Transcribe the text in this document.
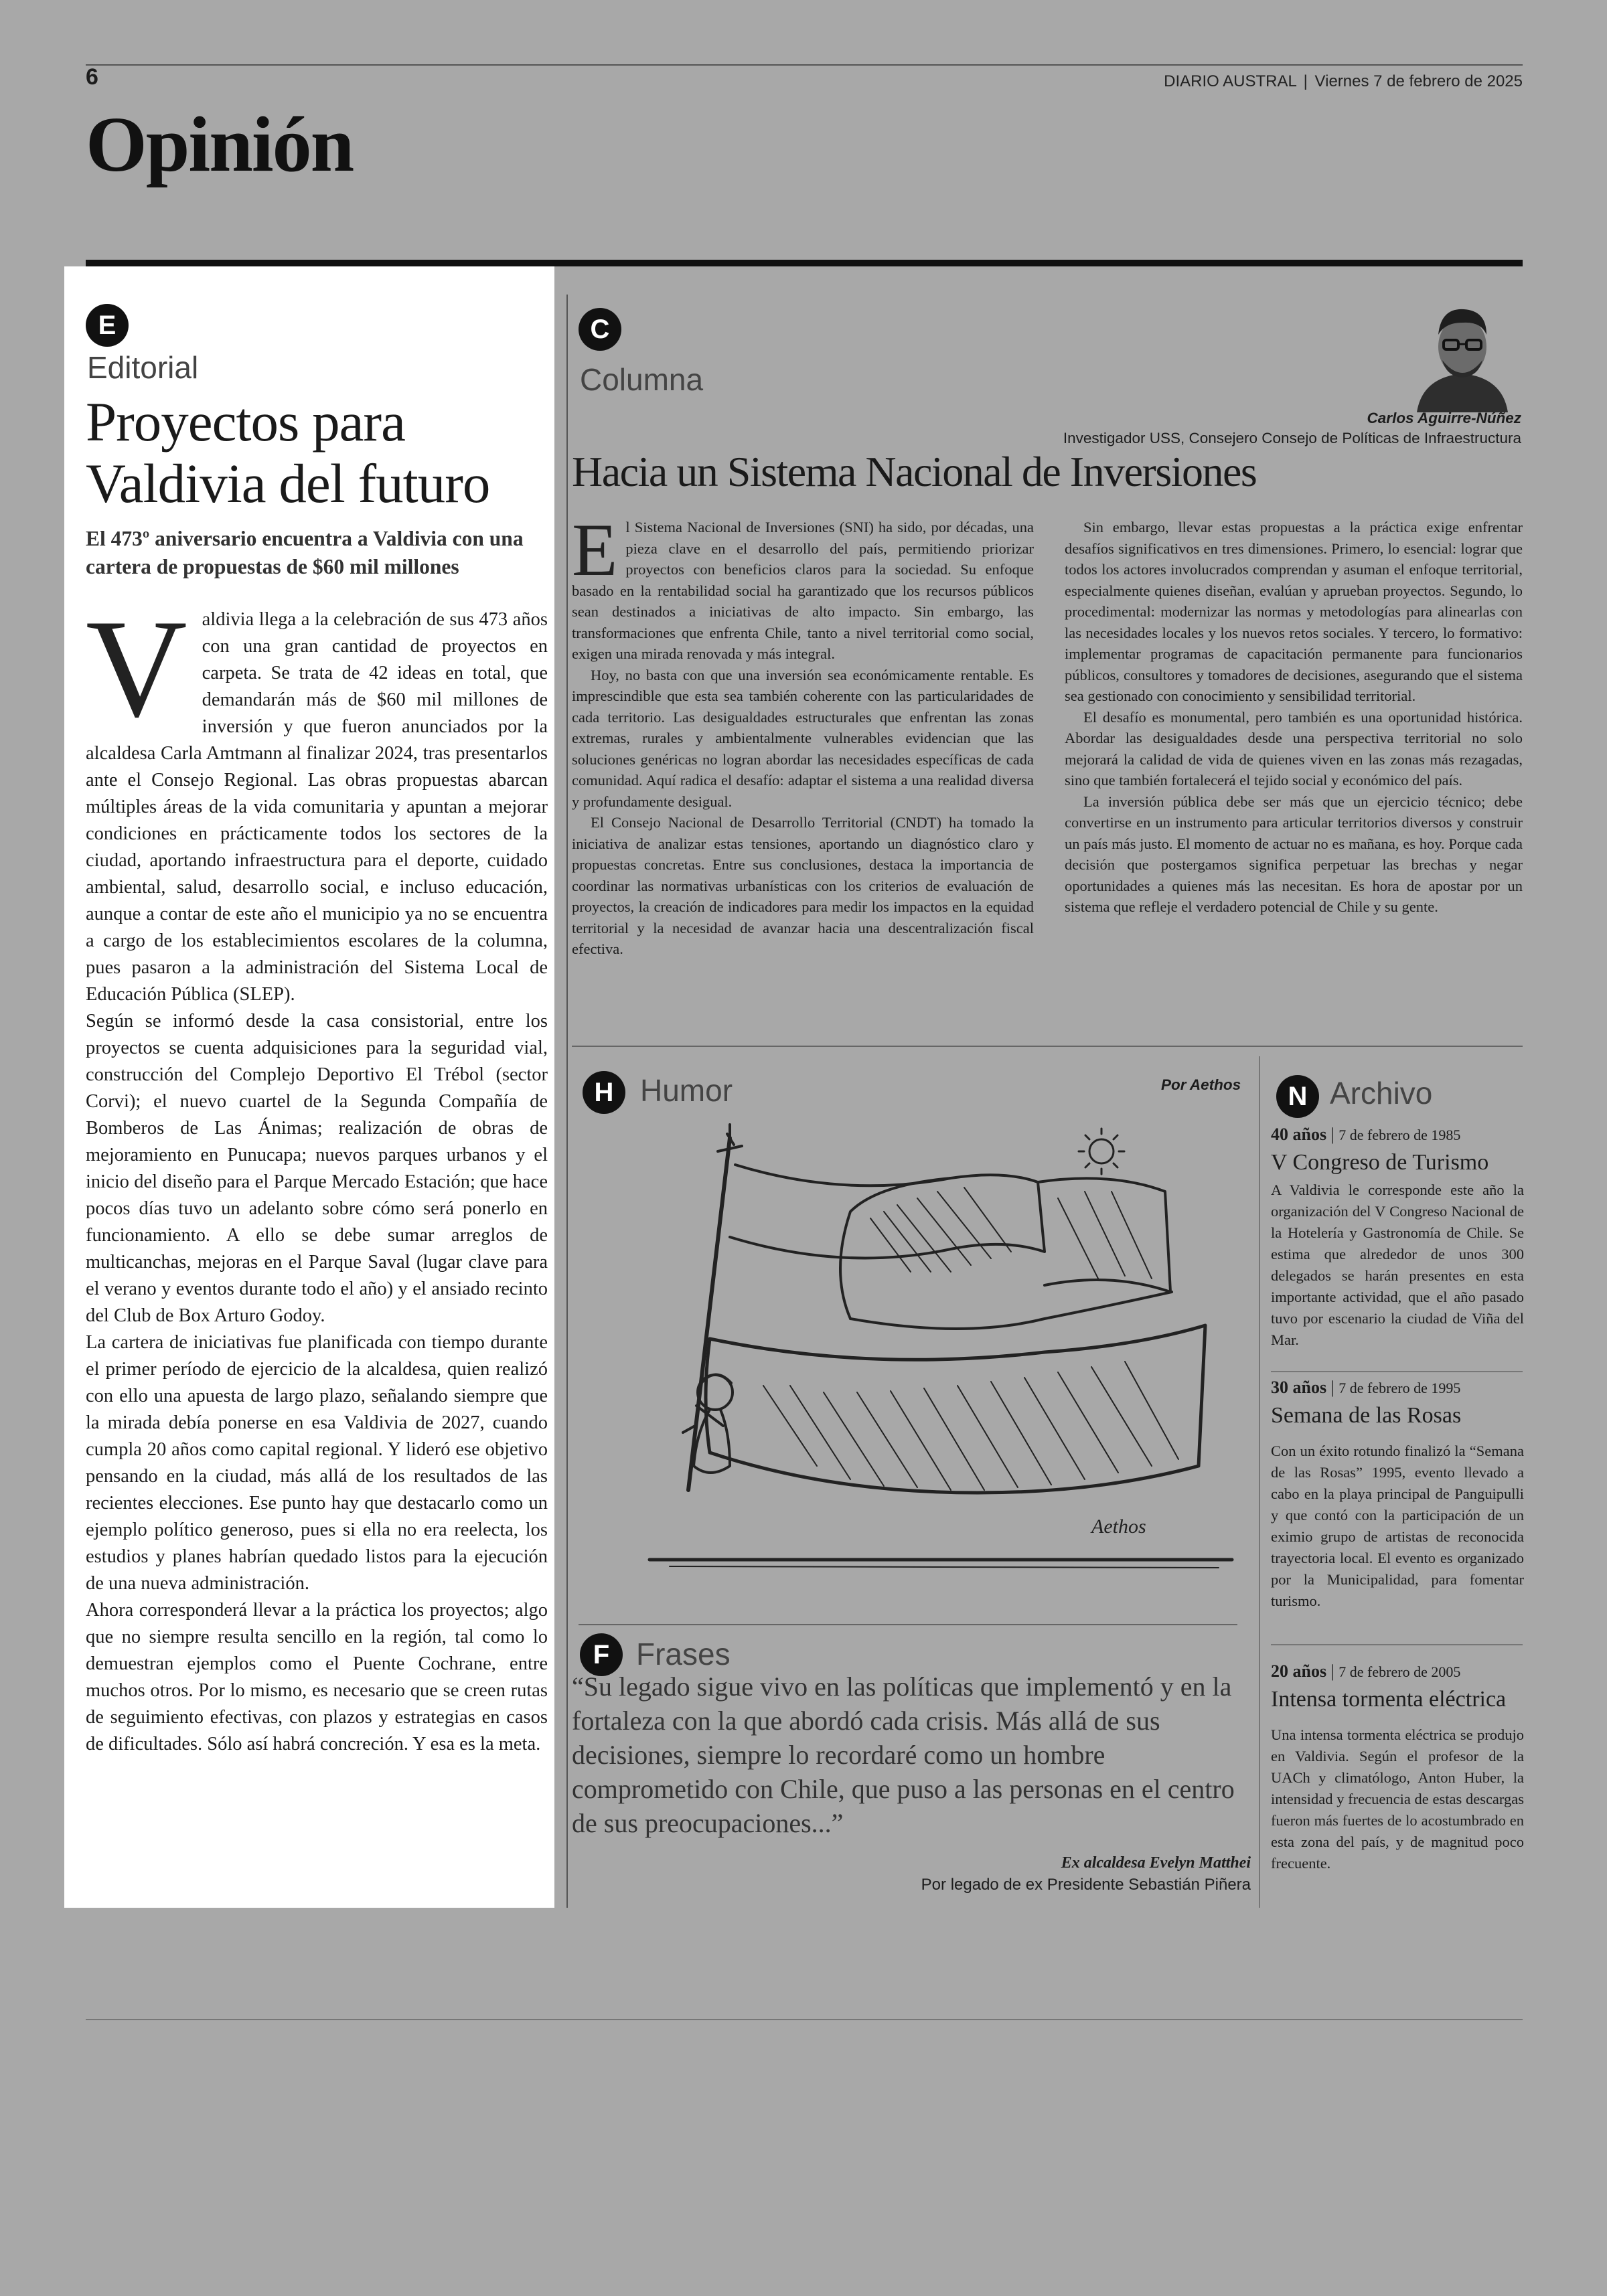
6	DIARIO AUSTRAL | Viernes 7 de febrero de 2025
Opinión
E
Editorial
Proyectos para
Valdivia del futuro
El 473º aniversario encuentra a Valdivia con una cartera de propuestas de $60 mil millones
V aldivia llega a la celebración de sus 473 años con una gran cantidad de proyectos en carpeta. Se trata de 42 ideas en total, que demandarán más de $60 mil millones de inversión y que fueron anunciados por la alcaldesa Carla Amtmann al finalizar 2024, tras presentarlos ante el Consejo Regional. Las obras propuestas abarcan múltiples áreas de la vida comunitaria y apuntan a mejorar condiciones en prácticamente todos los sectores de la ciudad, aportando infraestructura para el deporte, cuidado ambiental, salud, desarrollo social, e incluso educación, aunque a contar de este año el municipio ya no se encuentra a cargo de los establecimientos escolares de la columna, pues pasaron a la administración del Sistema Local de Educación Pública (SLEP).

Según se informó desde la casa consistorial, entre los proyectos se cuenta adquisiciones para la seguridad vial, construcción del Complejo Deportivo El Trébol (sector Corvi); el nuevo cuartel de la Segunda Compañía de Bomberos de Las Ánimas; realización de obras de mejoramiento en Punucapa; nuevos parques urbanos y el inicio del diseño para el Parque Mercado Estación; que hace pocos días tuvo un adelanto sobre cómo será ponerlo en funcionamiento. A ello se debe sumar arreglos de multicanchas, mejoras en el Parque Saval (lugar clave para el verano y eventos durante todo el año) y el ansiado recinto del Club de Box Arturo Godoy.

La cartera de iniciativas fue planificada con tiempo durante el primer período de ejercicio de la alcaldesa, quien realizó con ello una apuesta de largo plazo, señalando siempre que la mirada debía ponerse en esa Valdivia de 2027, cuando cumpla 20 años como capital regional. Y lideró ese objetivo pensando en la ciudad, más allá de los resultados de las recientes elecciones. Ese punto hay que destacarlo como un ejemplo político generoso, pues si ella no era reelecta, los estudios y planes habrían quedado listos para la ejecución de una nueva administración.

Ahora corresponderá llevar a la práctica los proyectos; algo que no siempre resulta sencillo en la región, tal como lo demuestran ejemplos como el Puente Cochrane, entre muchos otros. Por lo mismo, es necesario que se creen rutas de seguimiento efectivas, con plazos y estrategias en casos de dificultades. Sólo así habrá concreción. Y esa es la meta.

C
Columna
Carlos Aguirre-Núñez
Investigador USS, Consejero Consejo de Políticas de Infraestructura
Hacia un Sistema Nacional de Inversiones
E l Sistema Nacional de Inversiones (SNI) ha sido, por décadas, una pieza clave en el desarrollo del país, permitiendo priorizar proyectos con beneficios claros para la sociedad. Su enfoque basado en la rentabilidad social ha garantizado que los recursos públicos sean destinados a iniciativas de alto impacto. Sin embargo, las transformaciones que enfrenta Chile, tanto a nivel territorial como social, exigen una mirada renovada y más integral.

Hoy, no basta con que una inversión sea económicamente rentable. Es imprescindible que esta sea también coherente con las particularidades de cada territorio. Las desigualdades estructurales que enfrentan las zonas extremas, rurales y ambientalmente vulnerables evidencian que las soluciones genéricas no logran abordar las necesidades específicas de cada comunidad. Aquí radica el desafío: adaptar el sistema a una realidad diversa y profundamente desigual.

El Consejo Nacional de Desarrollo Territorial (CNDT) ha tomado la iniciativa de analizar estas tensiones, aportando un diagnóstico claro y propuestas concretas. Entre sus conclusiones, destaca la importancia de coordinar las normativas urbanísticas con los criterios de evaluación de proyectos, la creación de indicadores para medir los impactos en la equidad territorial y la necesidad de avanzar hacia una descentralización fiscal efectiva.

Sin embargo, llevar estas propuestas a la práctica exige enfrentar desafíos significativos en tres dimensiones. Primero, lo esencial: lograr que todos los actores involucrados comprendan y asuman el enfoque territorial, especialmente quienes diseñan, evalúan y aprueban proyectos. Segundo, lo procedimental: modernizar las normas y metodologías para alinearlas con las necesidades locales y los nuevos retos sociales. Y tercero, lo formativo: implementar programas de capacitación permanente para funcionarios públicos, consultores y tomadores de decisiones, asegurando que el sistema sea gestionado con conocimiento y sensibilidad territorial.

El desafío es monumental, pero también es una oportunidad histórica. Abordar las desigualdades desde una perspectiva territorial no solo mejorará la calidad de vida de quienes viven en las zonas más rezagadas, sino que también fortalecerá el tejido social y económico del país.

La inversión pública debe ser más que un ejercicio técnico; debe convertirse en un instrumento para articular territorios diversos y construir un país más justo. El momento de actuar no es mañana, es hoy. Porque cada decisión que postergamos significa perpetuar las brechas y negar oportunidades a quienes más las necesitan. Es hora de apostar por un sistema que refleje el verdadero potencial de Chile y su gente.

H Humor	Por Aethos
Aethos
F Frases
“Su legado sigue vivo en las políticas que implementó y en la fortaleza con la que abordó cada crisis. Más allá de sus decisiones, siempre lo recordaré como un hombre comprometido con Chile, que puso a las personas en el centro de sus preocupaciones...”
Ex alcaldesa Evelyn Matthei
Por legado de ex Presidente Sebastián Piñera
N Archivo
40 años | 7 de febrero de 1985
V Congreso de Turismo
A Valdivia le corresponde este año la organización del V Congreso Nacional de la Hotelería y Gastronomía de Chile. Se estima que alrededor de unos 300 delegados se harán presentes en esta importante actividad, que el año pasado tuvo por escenario la ciudad de Viña del Mar.
30 años | 7 de febrero de 1995
Semana de las Rosas
Con un éxito rotundo finalizó la “Semana de las Rosas” 1995, evento llevado a cabo en la playa principal de Panguipulli y que contó con la participación de un eximio grupo de artistas de reconocida trayectoria local. El evento es organizado por la Municipalidad, para fomentar turismo.
20 años | 7 de febrero de 2005
Intensa tormenta eléctrica
Una intensa tormenta eléctrica se produjo en Valdivia. Según el profesor de la UACh y climatólogo, Anton Huber, la intensidad y frecuencia de estas descargas fueron más fuertes de lo acostumbrado en esta zona del país, y de magnitud poco frecuente.
